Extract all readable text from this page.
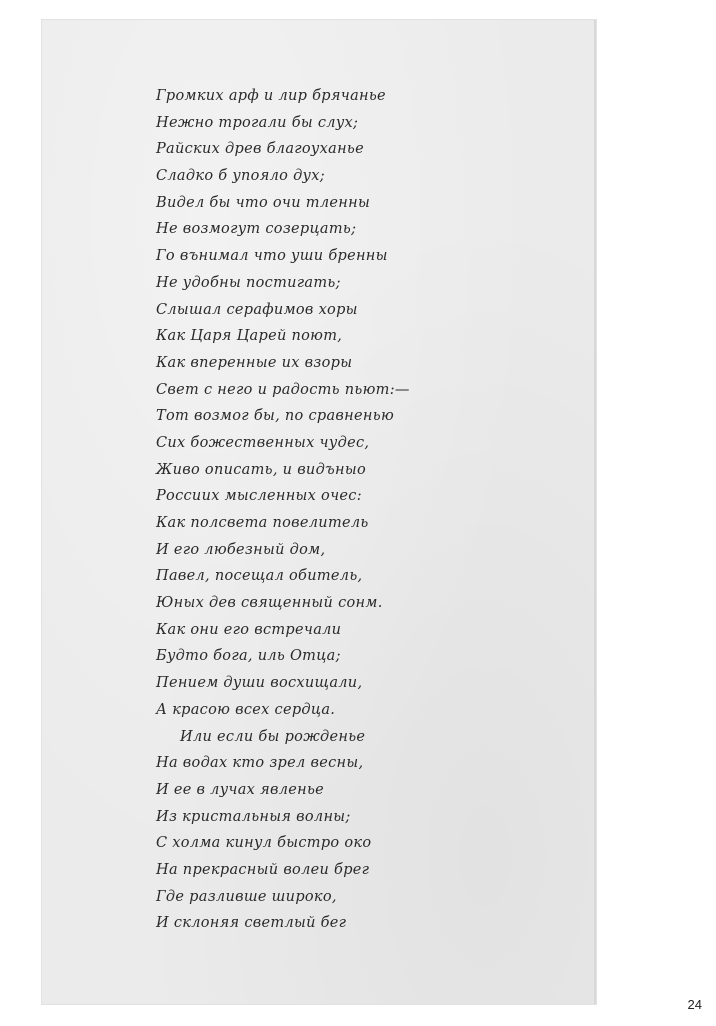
Громких арф и лир брячанье
Нежно трогали бы слух;
Райских древ благоуханье
Сладко б упояло дух;
Видел бы что очи тленны
Не возмогут созерцать;
Го вънимал что уши бренны
Не удобны постигать;
Слышал серафимов хоры
Как Царя Царей поют,
Как вперенные их взоры
Свет с него и радость пьют:—
Тот возмог бы, по сравненью
Сих божественных чудес,
Живо описать, и видъныо
Россиих мысленных очес:
Как полсвета повелитель
И его любезный дом,
Павел, посещал обитель,
Юных дев священный сонм.
Как они его встречали
Будто бога, иль Отца;
Пением души восхищали,
А красою всех сердца.
Или если бы рожденье
На водах кто зрел весны,
И ее в лучах явленье
Из кристальныя волны;
С холма кинул быстро око
На прекрасный волеи брег
Где разливше широко,
И склоняя светлый бег
24
